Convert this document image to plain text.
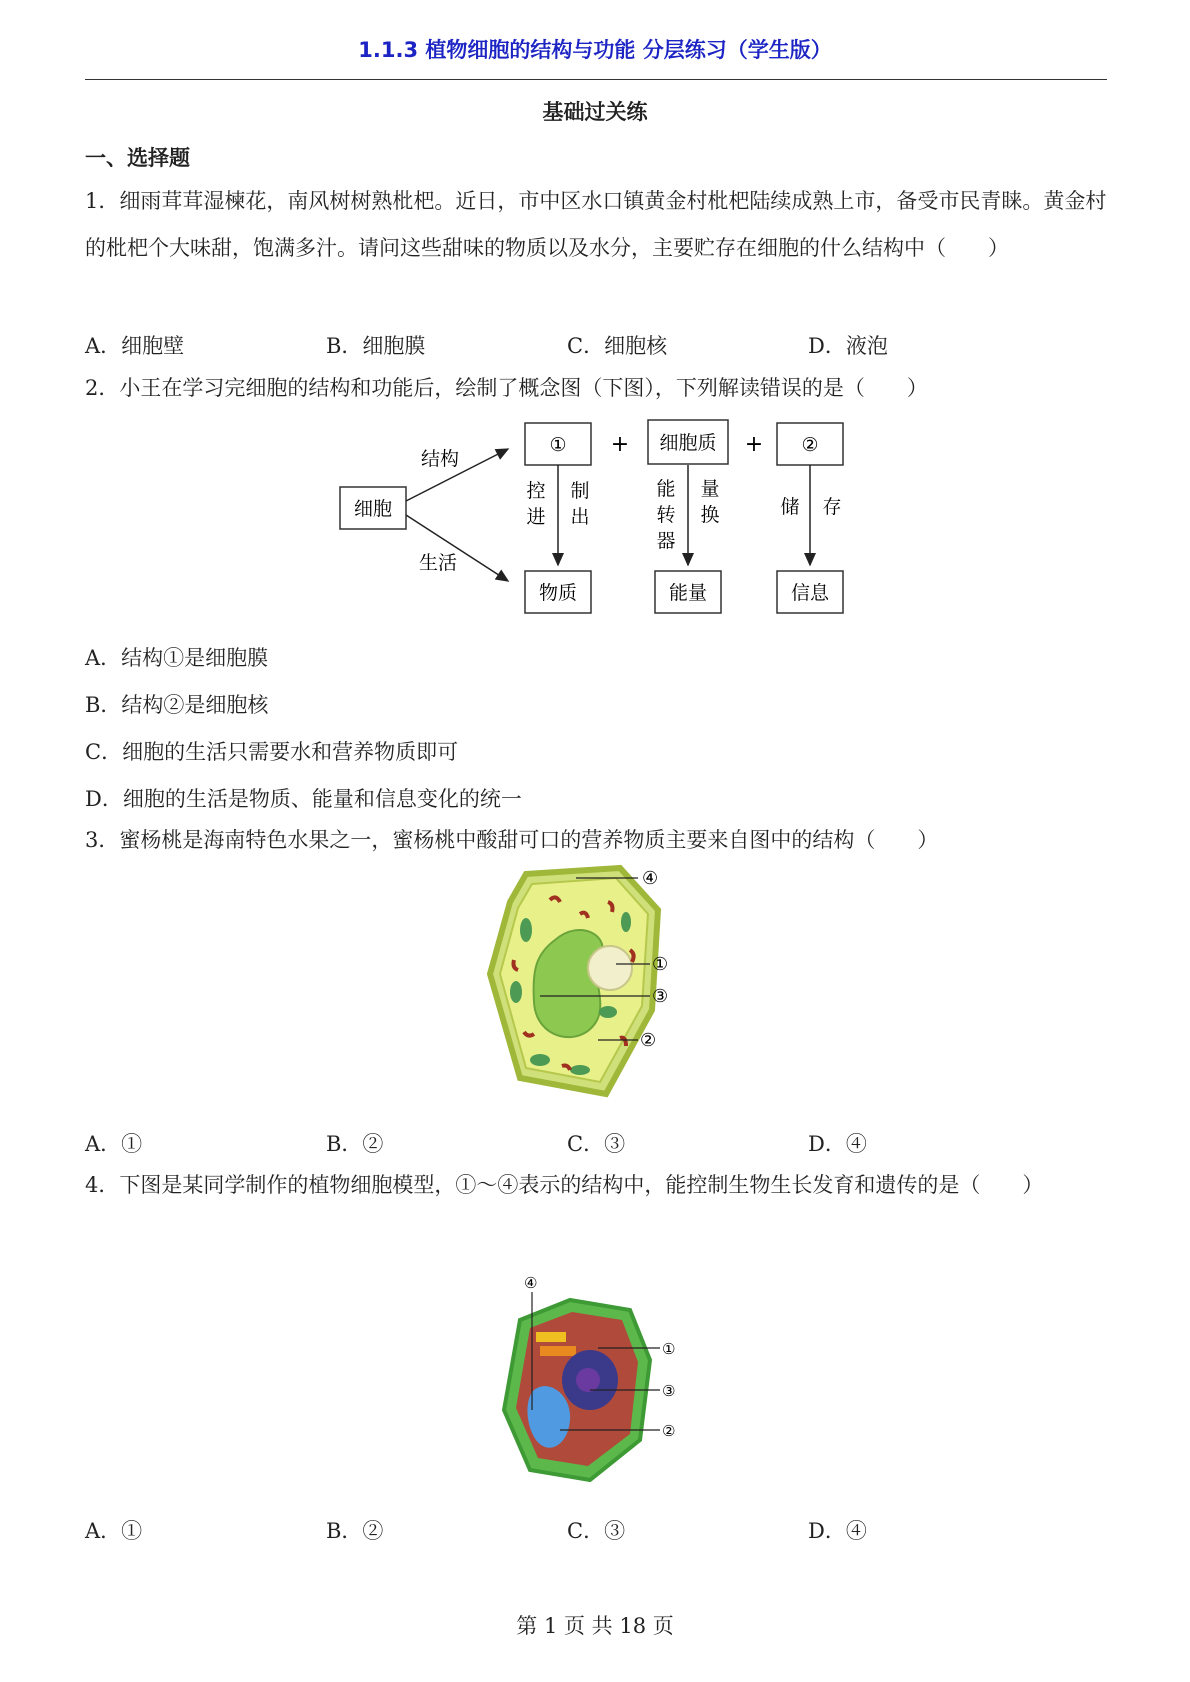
1.1.3 植物细胞的结构与功能 分层练习（学生版）
基础过关练
一、选择题
1．细雨茸茸湿楝花，南风树树熟枇杷。近日，市中区水口镇黄金村枇杷陆续成熟上市，备受市民青睐。黄金村的枇杷个大味甜，饱满多汁。请问这些甜味的物质以及水分，主要贮存在细胞的什么结构中（　　）
A．细胞壁	B．细胞膜	C．细胞核	D．液泡
2．小王在学习完细胞的结构和功能后，绘制了概念图（下图），下列解读错误的是（　　）
细胞
结构
生活
① + 细胞质 + ②
控
进
制
出
能
转
器
量
换	储 存
物质	能量	信息
A．结构①是细胞膜
B．结构②是细胞核
C．细胞的生活只需要水和营养物质即可
D．细胞的生活是物质、能量和信息变化的统一
3．蜜杨桃是海南特色水果之一，蜜杨桃中酸甜可口的营养物质主要来自图中的结构（　　）
④
①
③
②
A．①	B．②	C．③	D．④
4．下图是某同学制作的植物细胞模型，①～④表示的结构中，能控制生物生长发育和遗传的是（　　）
④
①
③
②
A．①	B．②	C．③	D．④
第 1 页 共 18 页
